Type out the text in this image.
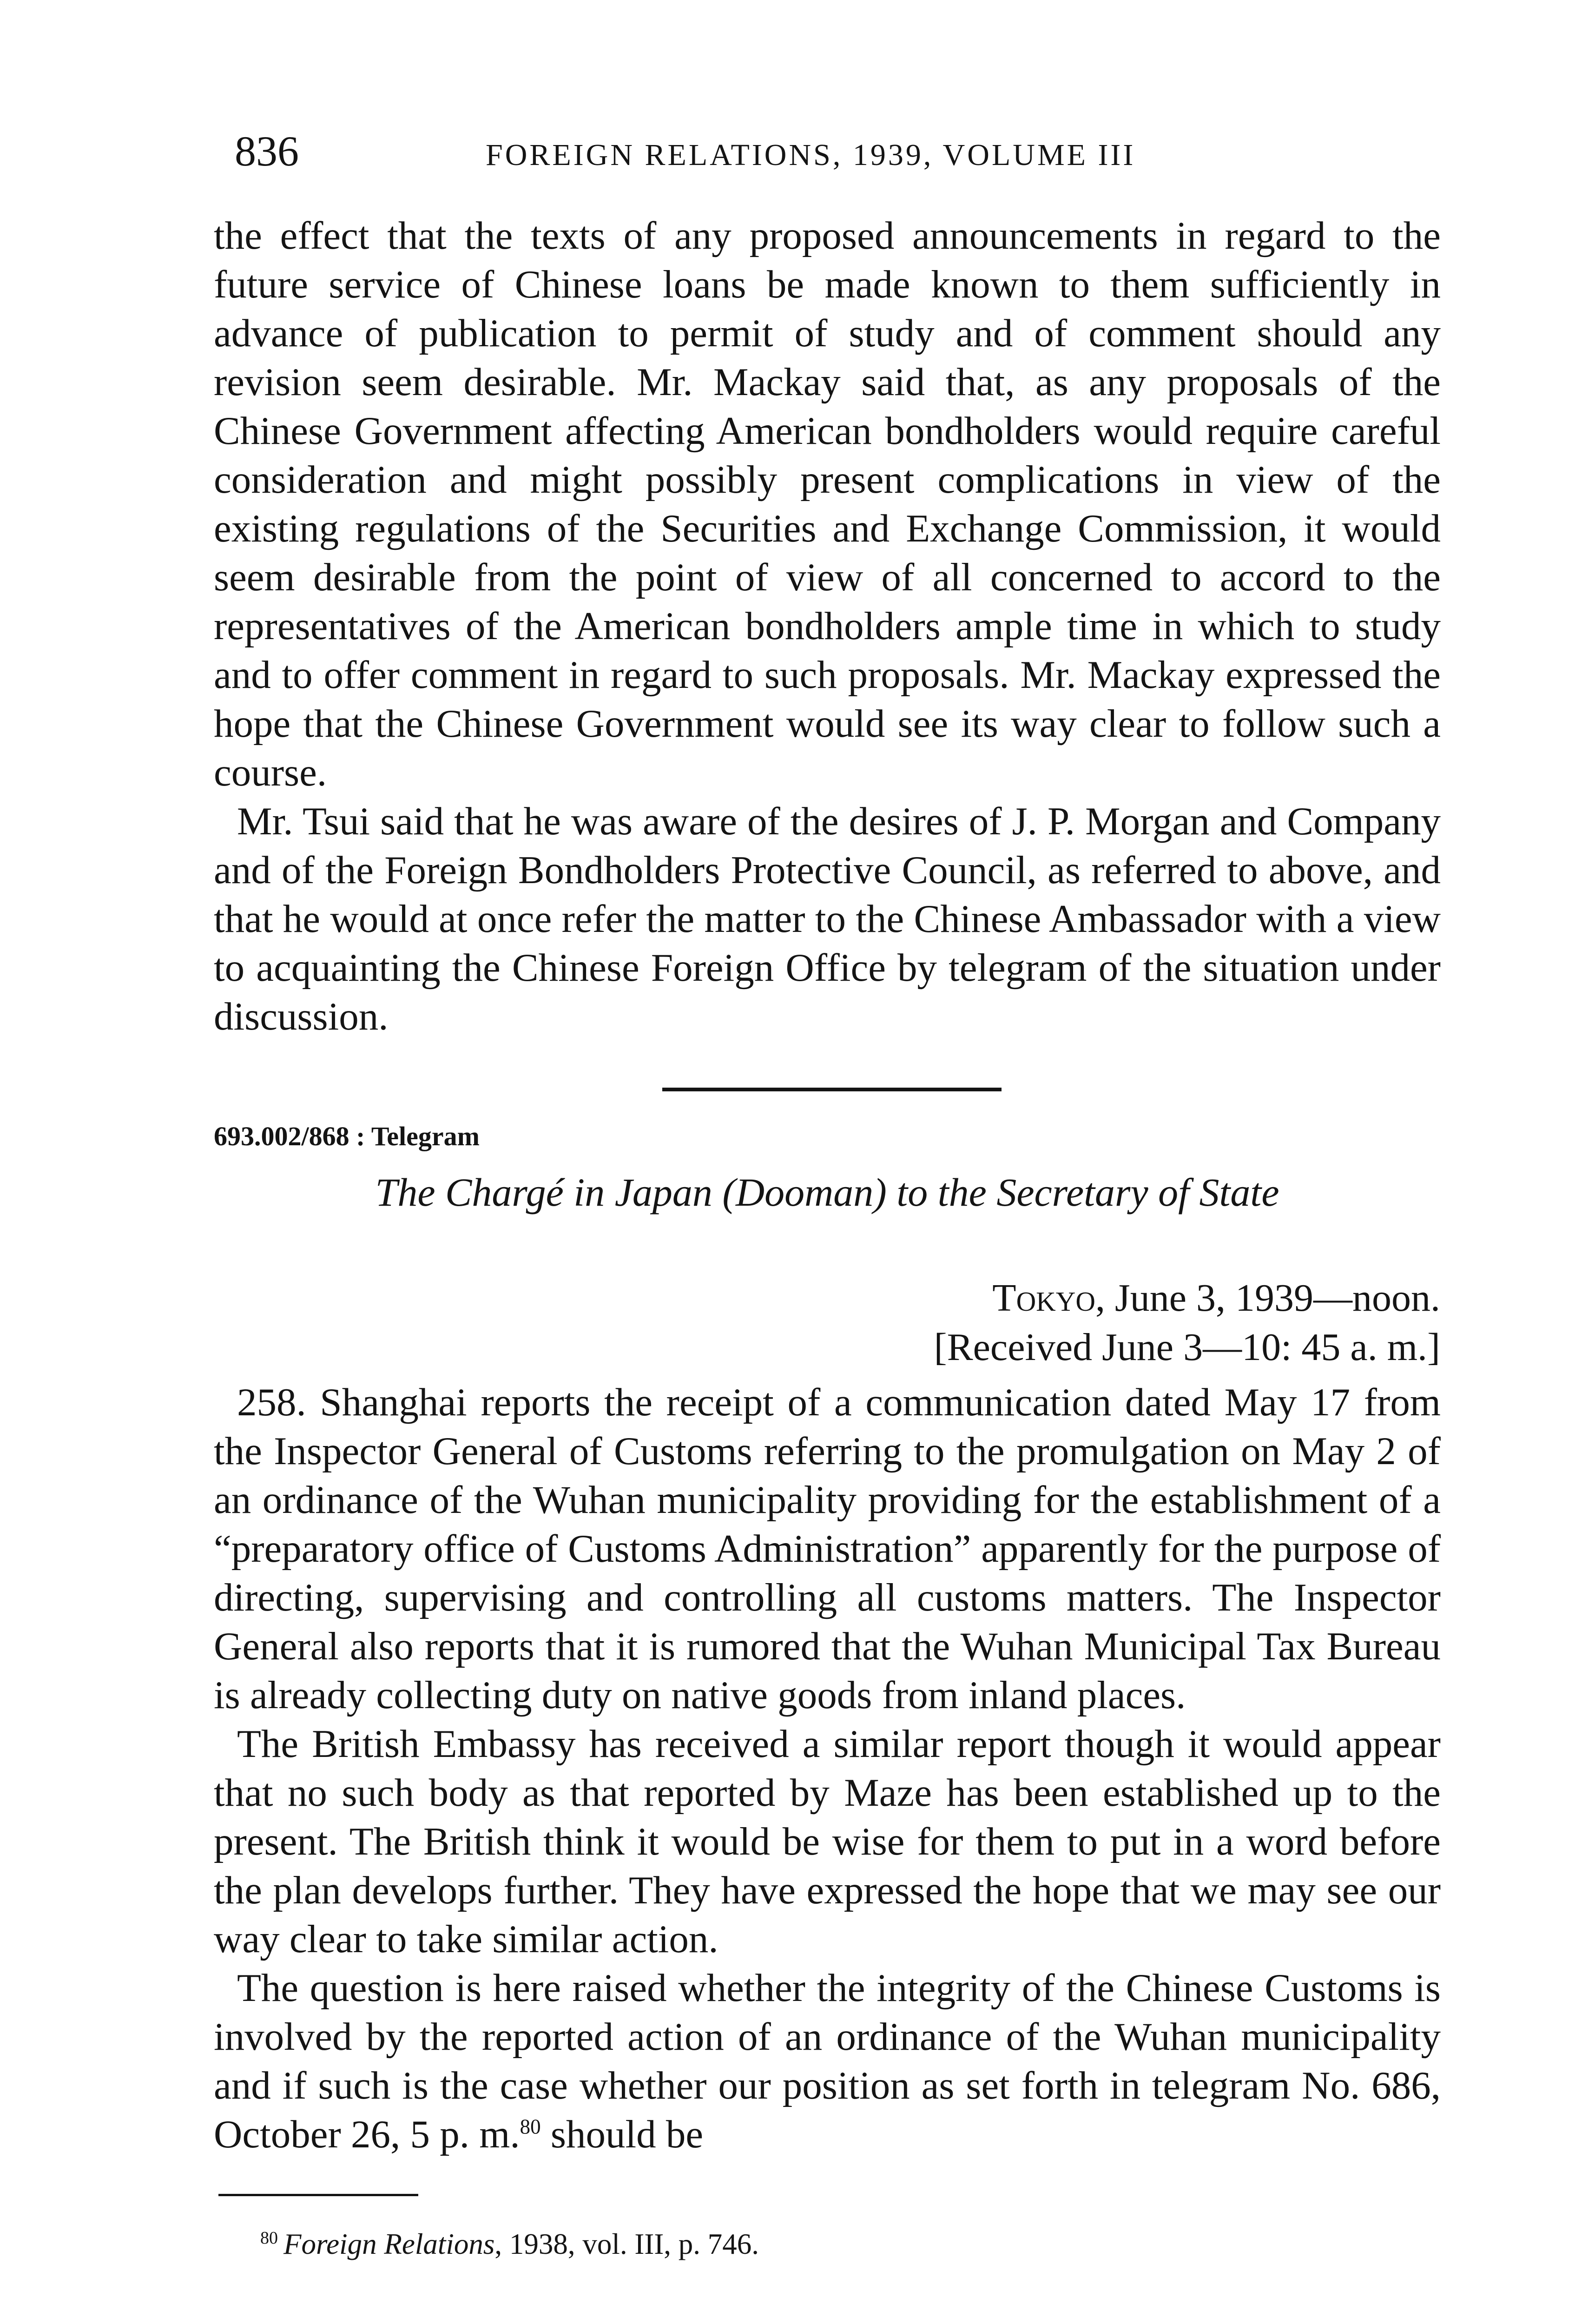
836	FOREIGN RELATIONS, 1939, VOLUME III

the effect that the texts of any proposed announcements in regard to the future service of Chinese loans be made known to them sufficiently in advance of publication to permit of study and of comment should any revision seem desirable. Mr. Mackay said that, as any proposals of the Chinese Government affecting American bondholders would require careful consideration and might possibly present complications in view of the existing regulations of the Securities and Exchange Commission, it would seem desirable from the point of view of all concerned to accord to the representatives of the American bondholders ample time in which to study and to offer comment in regard to such proposals. Mr. Mackay expressed the hope that the Chinese Government would see its way clear to follow such a course.

Mr. Tsui said that he was aware of the desires of J. P. Morgan and Company and of the Foreign Bondholders Protective Council, as referred to above, and that he would at once refer the matter to the Chinese Ambassador with a view to acquainting the Chinese Foreign Office by telegram of the situation under discussion.

693.002/868 : Telegram
The Chargé in Japan (Dooman) to the Secretary of State
Tokyo, June 3, 1939—noon.
[Received June 3—10: 45 a. m.]

258. Shanghai reports the receipt of a communication dated May 17 from the Inspector General of Customs referring to the promulgation on May 2 of an ordinance of the Wuhan municipality providing for the establishment of a “preparatory office of Customs Administration” apparently for the purpose of directing, supervising and controlling all customs matters. The Inspector General also reports that it is rumored that the Wuhan Municipal Tax Bureau is already collecting duty on native goods from inland places.

The British Embassy has received a similar report though it would appear that no such body as that reported by Maze has been established up to the present. The British think it would be wise for them to put in a word before the plan develops further. They have expressed the hope that we may see our way clear to take similar action.

The question is here raised whether the integrity of the Chinese Customs is involved by the reported action of an ordinance of the Wuhan municipality and if such is the case whether our position as set forth in telegram No. 686, October 26, 5 p. m.$^{80}$ should be

$^{80}$ Foreign Relations, 1938, vol. III, p. 746.
